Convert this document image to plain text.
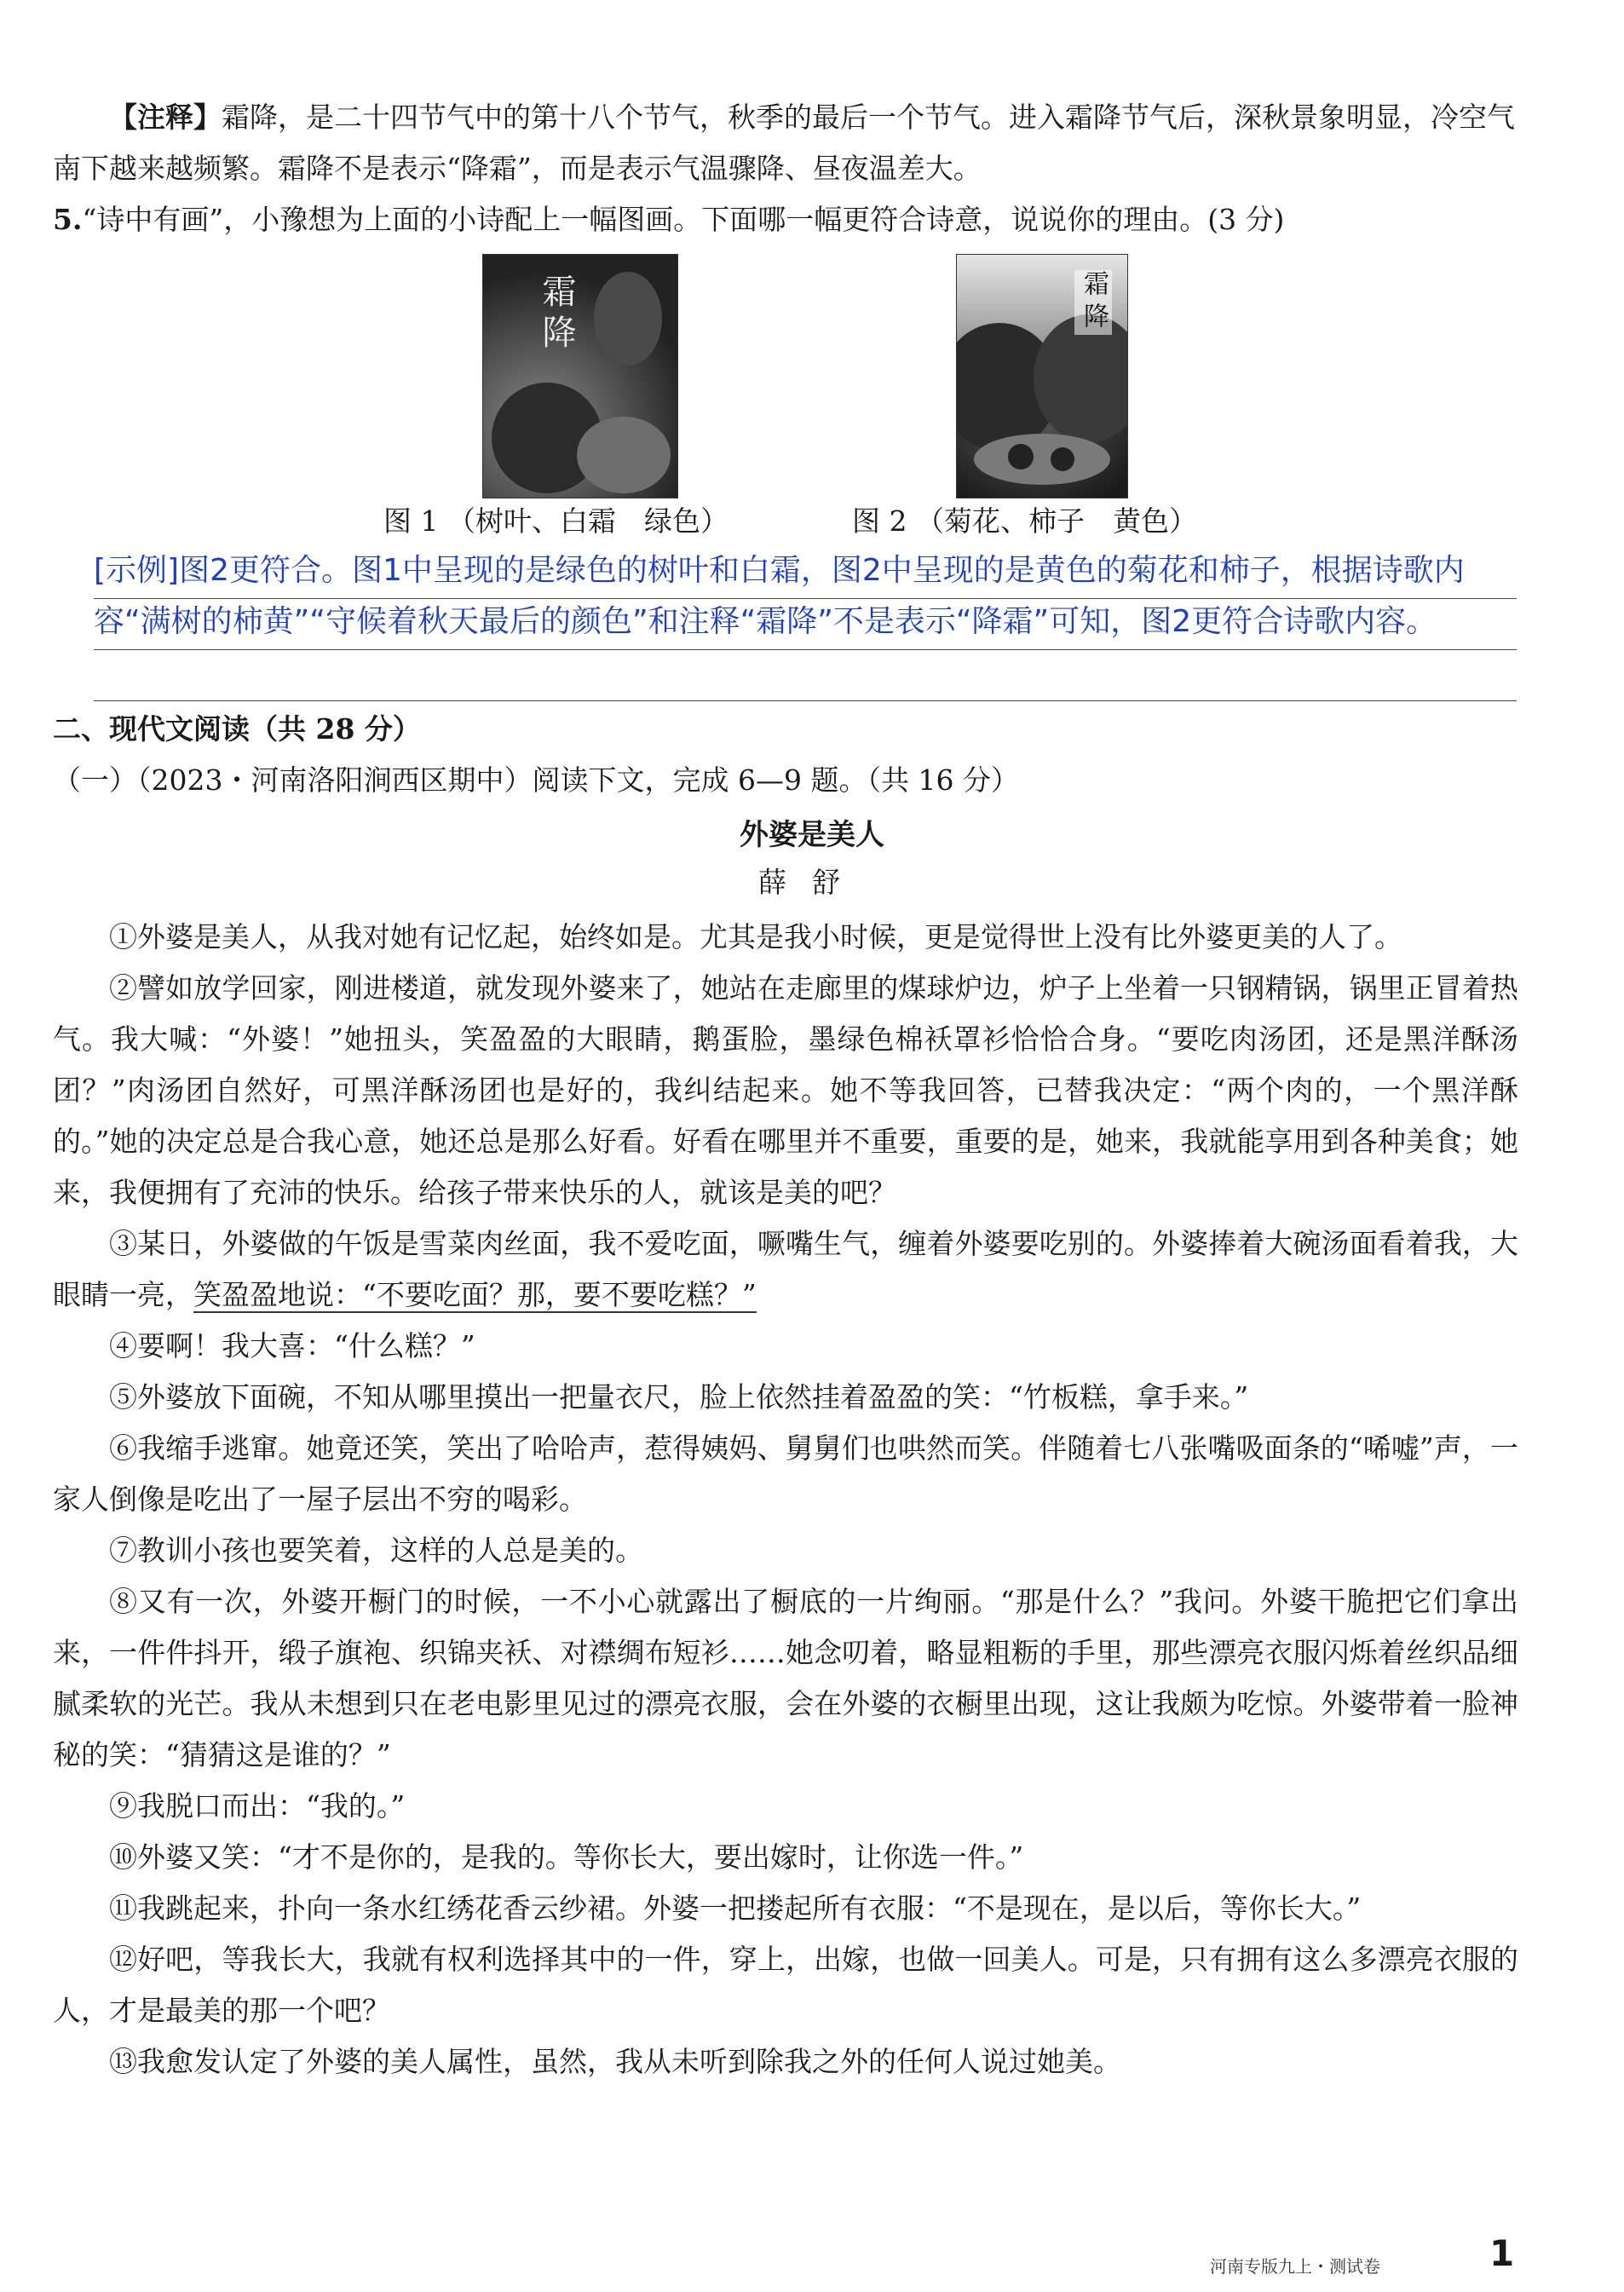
【注释】霜降，是二十四节气中的第十八个节气，秋季的最后一个节气。进入霜降节气后，深秋景象明显，冷空气南下越来越频繁。霜降不是表示“降霜”，而是表示气温骤降、昼夜温差大。

5.“诗中有画”，小豫想为上面的小诗配上一幅图画。下面哪一幅更符合诗意，说说你的理由。(3 分)
霜降
图 1 （树叶、白霜　绿色）
霜降
图 2 （菊花、柿子　黄色）
[示例]图2更符合。图1中呈现的是绿色的树叶和白霜，图2中呈现的是黄色的菊花和柿子，根据诗歌内容“满树的柿黄”“守候着秋天最后的颜色”和注释“霜降”不是表示“降霜”可知，图2更符合诗歌内容。
二、现代文阅读（共 28 分）
（一）（2023・河南洛阳涧西区期中）阅读下文，完成 6—9 题。（共 16 分）
外婆是美人
薛舒

①外婆是美人，从我对她有记忆起，始终如是。尤其是我小时候，更是觉得世上没有比外婆更美的人了。

②譬如放学回家，刚进楼道，就发现外婆来了，她站在走廊里的煤球炉边，炉子上坐着一只钢精锅，锅里正冒着热气。我大喊：“外婆！”她扭头，笑盈盈的大眼睛，鹅蛋脸，墨绿色棉袄罩衫恰恰合身。“要吃肉汤团，还是黑洋酥汤团？”肉汤团自然好，可黑洋酥汤团也是好的，我纠结起来。她不等我回答，已替我决定：“两个肉的，一个黑洋酥的。”她的决定总是合我心意，她还总是那么好看。好看在哪里并不重要，重要的是，她来，我就能享用到各种美食；她来，我便拥有了充沛的快乐。给孩子带来快乐的人，就该是美的吧？

③某日，外婆做的午饭是雪菜肉丝面，我不爱吃面，噘嘴生气，缠着外婆要吃别的。外婆捧着大碗汤面看着我，大眼睛一亮，笑盈盈地说：“不要吃面？那，要不要吃糕？”

④要啊！我大喜：“什么糕？”

⑤外婆放下面碗，不知从哪里摸出一把量衣尺，脸上依然挂着盈盈的笑：“竹板糕，拿手来。”

⑥我缩手逃窜。她竟还笑，笑出了哈哈声，惹得姨妈、舅舅们也哄然而笑。伴随着七八张嘴吸面条的“唏嘘”声，一家人倒像是吃出了一屋子层出不穷的喝彩。

⑦教训小孩也要笑着，这样的人总是美的。

⑧又有一次，外婆开橱门的时候，一不小心就露出了橱底的一片绚丽。“那是什么？”我问。外婆干脆把它们拿出来，一件件抖开，缎子旗袍、织锦夹袄、对襟绸布短衫……她念叨着，略显粗粝的手里，那些漂亮衣服闪烁着丝织品细腻柔软的光芒。我从未想到只在老电影里见过的漂亮衣服，会在外婆的衣橱里出现，这让我颇为吃惊。外婆带着一脸神秘的笑：“猜猜这是谁的？”

⑨我脱口而出：“我的。”

⑩外婆又笑：“才不是你的，是我的。等你长大，要出嫁时，让你选一件。”

⑪我跳起来，扑向一条水红绣花香云纱裙。外婆一把搂起所有衣服：“不是现在，是以后，等你长大。”

⑫好吧，等我长大，我就有权利选择其中的一件，穿上，出嫁，也做一回美人。可是，只有拥有这么多漂亮衣服的人，才是最美的那一个吧？

⑬我愈发认定了外婆的美人属性，虽然，我从未听到除我之外的任何人说过她美。

河南专版九上・测试卷	1
